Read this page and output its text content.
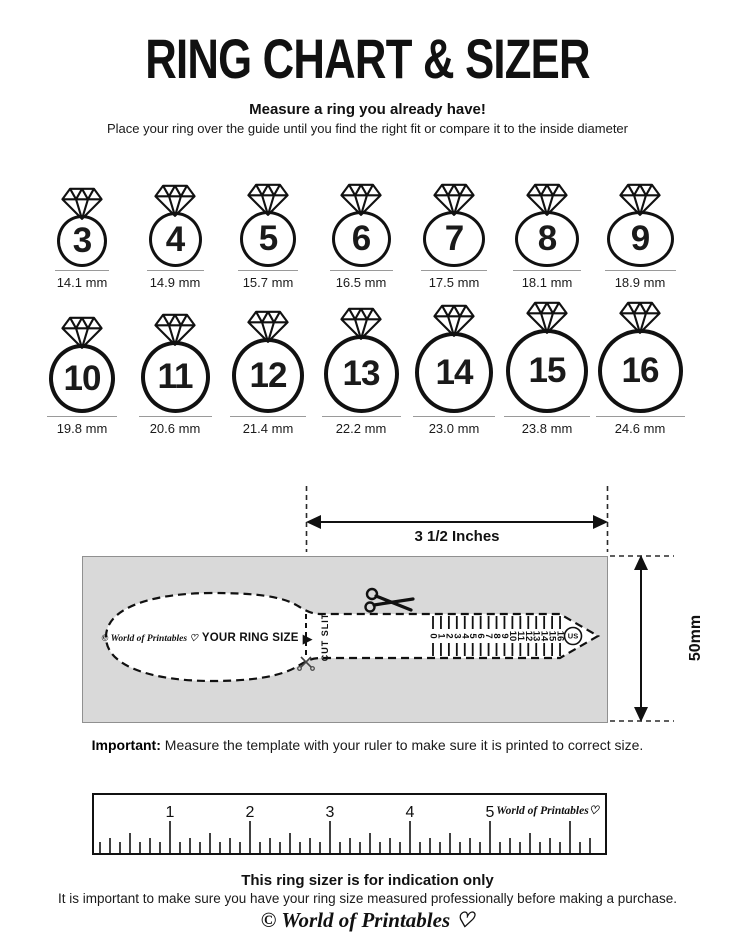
RING CHART & SIZER
Measure a ring you already have!
Place your ring over the guide until you find the right fit or compare it to the inside diameter
3
14.1 mm
4
14.9 mm
5
15.7 mm
6
16.5 mm
7
17.5 mm
8
18.1 mm
9
18.9 mm
10
19.8 mm
11
20.6 mm
12
21.4 mm
13
22.2 mm
14
23.0 mm
15
23.8 mm
16
24.6 mm
3 1/2 Inches
0
1
2
3
4
5
6
7
8
9
10
11
12
13
14
15
16 US
© World of Printables ♡ YOUR RING SIZE ▶ CUT SLIT	50mm
Important: Measure the template with your ruler to make sure it is printed to correct size.
1	2	3	4	5 World of Printables♡
This ring sizer is for indication only
It is important to make sure you have your ring size measured professionally before making a purchase.
© World of Printables ♡
